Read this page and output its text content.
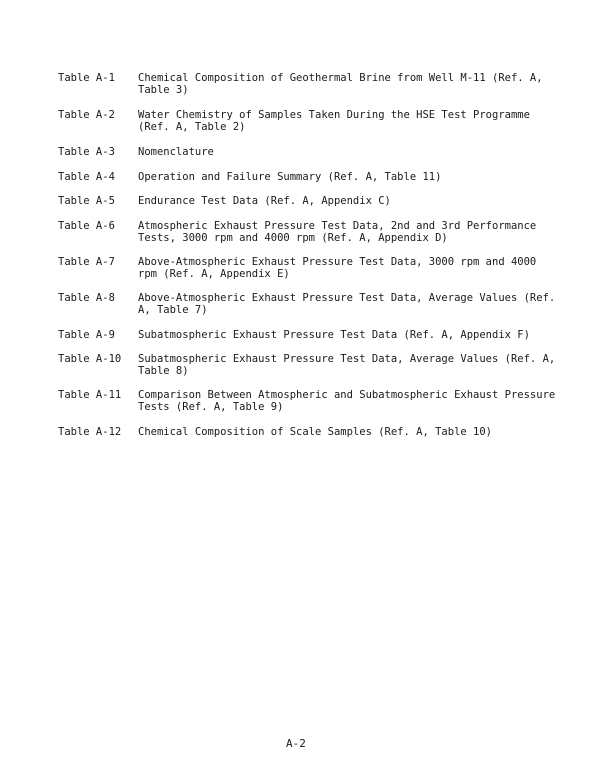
Table A-1 Chemical Composition of Geothermal Brine from Well M-11 (Ref. A, Table 3)
Table A-2 Water Chemistry of Samples Taken During the HSE Test Programme (Ref. A, Table 2)
Table A-3 Nomenclature
Table A-4 Operation and Failure Summary (Ref. A, Table 11)
Table A-5 Endurance Test Data (Ref. A, Appendix C)
Table A-6 Atmospheric Exhaust Pressure Test Data, 2nd and 3rd Performance Tests, 3000 rpm and 4000 rpm (Ref. A, Appendix D)
Table A-7 Above-Atmospheric Exhaust Pressure Test Data, 3000 rpm and 4000 rpm (Ref. A, Appendix E)
Table A-8 Above-Atmospheric Exhaust Pressure Test Data, Average Values (Ref. A, Table 7)
Table A-9 Subatmospheric Exhaust Pressure Test Data (Ref. A, Appendix F)
Table A-10 Subatmospheric Exhaust Pressure Test Data, Average Values (Ref. A, Table 8)
Table A-11 Comparison Between Atmospheric and Subatmospheric Exhaust Pressure Tests (Ref. A, Table 9)
Table A-12 Chemical Composition of Scale Samples (Ref. A, Table 10)
A-2
